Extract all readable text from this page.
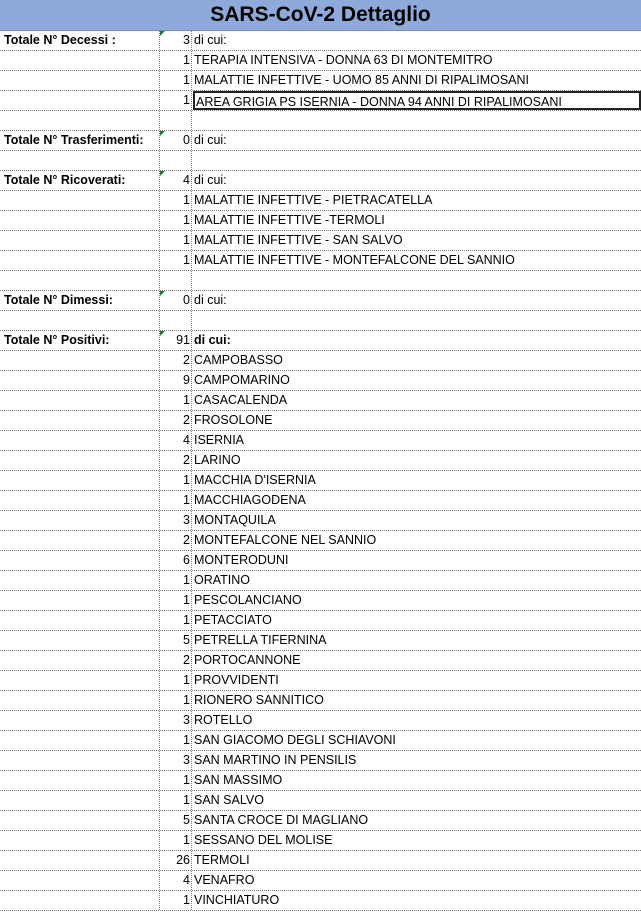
SARS-CoV-2 Dettaglio
Totale N° Decessi :	3 di cui:
1 TERAPIA INTENSIVA - DONNA 63 DI MONTEMITRO
1 MALATTIE INFETTIVE - UOMO 85 ANNI DI RIPALIMOSANI
1 AREA GRIGIA PS ISERNIA - DONNA 94 ANNI DI RIPALIMOSANI
Totale N° Trasferimenti:	0 di cui:
Totale N° Ricoverati:	4 di cui:
1 MALATTIE INFETTIVE - PIETRACATELLA
1 MALATTIE INFETTIVE -TERMOLI
1 MALATTIE INFETTIVE - SAN SALVO
1 MALATTIE INFETTIVE - MONTEFALCONE DEL SANNIO
Totale N° Dimessi:	0 di cui:
Totale N° Positivi:	91 di cui:
2 CAMPOBASSO
9 CAMPOMARINO
1 CASACALENDA
2 FROSOLONE
4 ISERNIA
2 LARINO
1 MACCHIA D'ISERNIA
1 MACCHIAGODENA
3 MONTAQUILA
2 MONTEFALCONE NEL SANNIO
6 MONTERODUNI
1 ORATINO
1 PESCOLANCIANO
1 PETACCIATO
5 PETRELLA TIFERNINA
2 PORTOCANNONE
1 PROVVIDENTI
1 RIONERO SANNITICO
3 ROTELLO
1 SAN GIACOMO DEGLI SCHIAVONI
3 SAN MARTINO IN PENSILIS
1 SAN MASSIMO
1 SAN SALVO
5 SANTA CROCE DI MAGLIANO
1 SESSANO DEL MOLISE
26 TERMOLI
4 VENAFRO
1 VINCHIATURO
